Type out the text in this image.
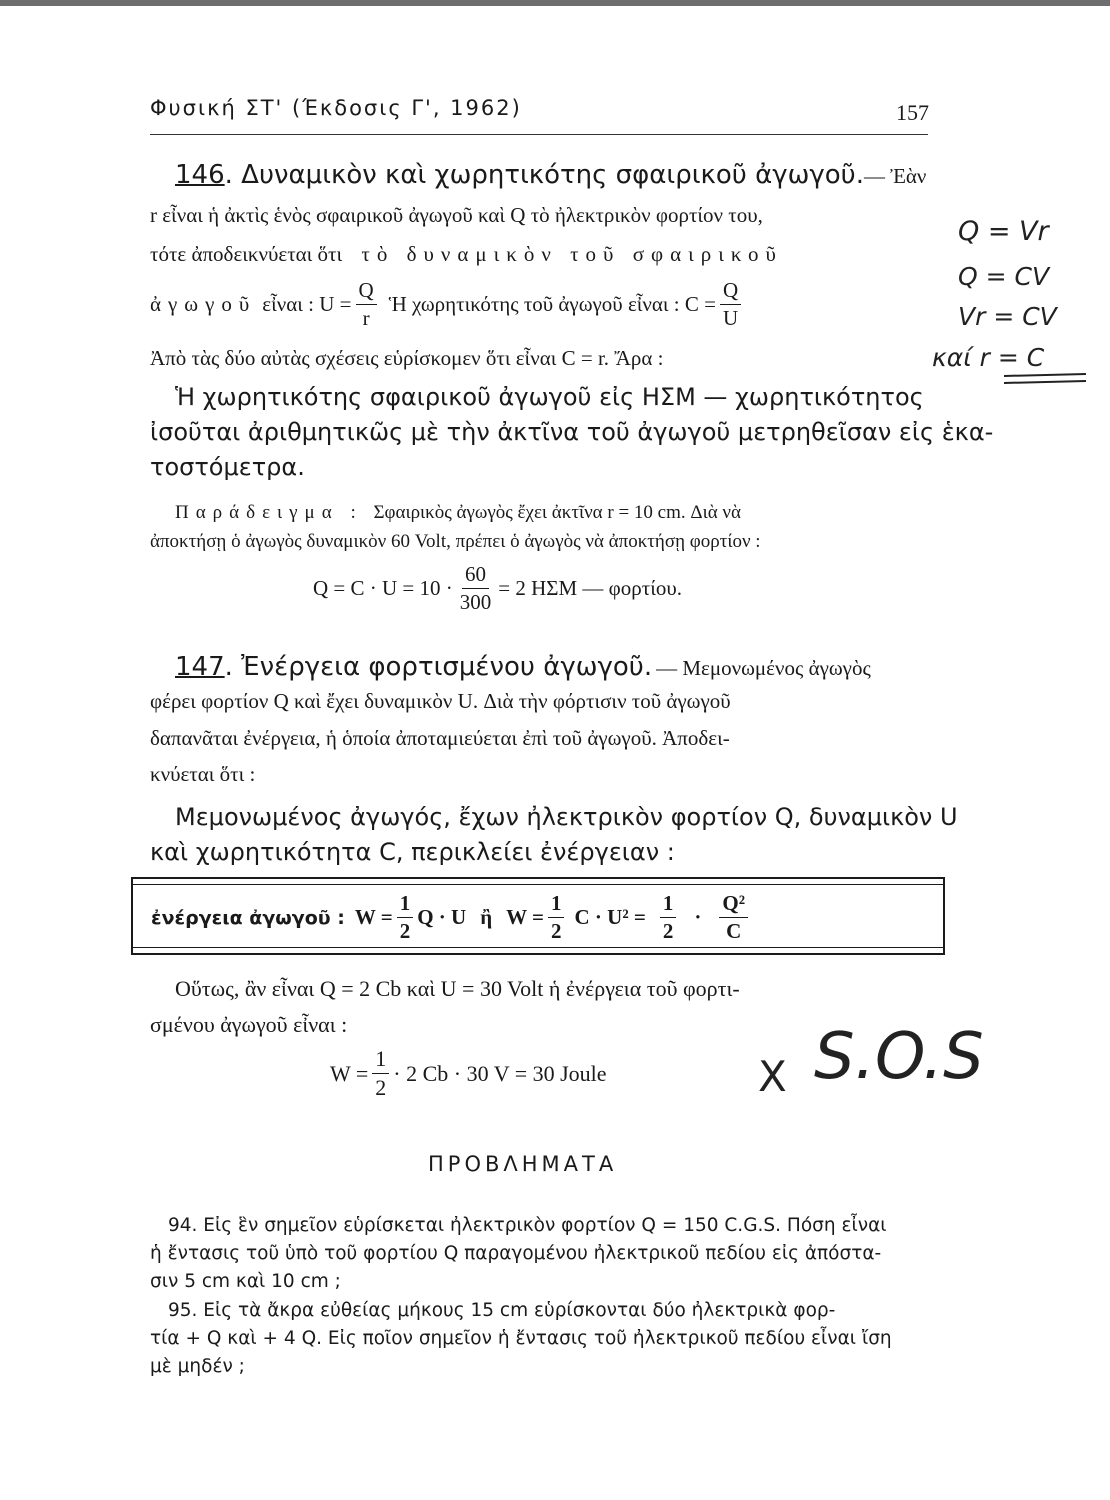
Φυσική ΣΤ' (Έκδοσις Γ', 1962)	157
146. Δυναμικὸν καὶ χωρητικότης σφαιρικοῦ ἀγωγοῦ.— Ἐὰν
r εἶναι ἡ ἀκτὶς ἑνὸς σφαιρικοῦ ἀγωγοῦ καὶ Q τὸ ἠλεκτρικὸν φορτίον του,
τότε ἀποδεικνύεται ὅτι τὸ δυναμικὸν τοῦ σφαιρικοῦ
ἀγωγοῦ εἶναι : $U = \frac{Q}{r}$ Ἡ χωρητικότης τοῦ ἀγωγοῦ εἶναι : $C = \frac{Q}{U}$
Ἀπὸ τὰς δύο αὐτὰς σχέσεις εὑρίσκομεν ὅτι εἶναι C = r. Ἄρα :
Ἡ χωρητικότης σφαιρικοῦ ἀγωγοῦ εἰς ΗΣΜ — χωρητικότητος
ἰσοῦται ἀριθμητικῶς μὲ τὴν ἀκτῖνα τοῦ ἀγωγοῦ μετρηθεῖσαν εἰς ἑκα-
τοστόμετρα.
Παράδειγμα : Σφαιρικὸς ἀγωγὸς ἔχει ἀκτῖνα r = 10 cm. Διὰ νὰ
ἀποκτήσῃ ὁ ἀγωγὸς δυναμικὸν 60 Volt, πρέπει ὁ ἀγωγὸς νὰ ἀποκτήσῃ φορτίον :
$Q = C \cdot U = 10 \cdot \frac{60}{300} = 2$ ΗΣΜ — φορτίου.
147. Ἐνέργεια φορτισμένου ἀγωγοῦ. — Μεμονωμένος ἀγωγὸς
φέρει φορτίον Q καὶ ἔχει δυναμικὸν U. Διὰ τὴν φόρτισιν τοῦ ἀγωγοῦ
δαπανᾶται ἐνέργεια, ἡ ὁποία ἀποταμιεύεται ἐπὶ τοῦ ἀγωγοῦ. Ἀποδει-
κνύεται ὅτι :
Μεμονωμένος ἀγωγός, ἔχων ἠλεκτρικὸν φορτίον Q, δυναμικὸν U
καὶ χωρητικότητα C, περικλείει ἐνέργειαν :
ἐνέργεια ἀγωγοῦ : $W = \frac{1}{2}$ Q · U ἢ $W = \frac{1}{2}$ $C \cdot U^2 = \frac{1}{2} \cdot \frac{\text{Q²}}{C}$
Οὕτως, ἂν εἶναι Q = 2 Cb καὶ U = 30 Volt ἡ ἐνέργεια τοῦ φορτι-
σμένου ἀγωγοῦ εἶναι :
$W = \frac{1}{2} \cdot 2$ Cb · 30 V = 30 Joule
ΠΡΟΒΛΗΜΑΤΑ
94. Εἰς ἓν σημεῖον εὑρίσκεται ἠλεκτρικὸν φορτίον Q = 150 C.G.S. Πόση εἶναι
ἡ ἔντασις τοῦ ὑπὸ τοῦ φορτίου Q παραγομένου ἠλεκτρικοῦ πεδίου εἰς ἀπόστα-
σιν 5 cm καὶ 10 cm ;
95. Εἰς τὰ ἄκρα εὐθείας μήκους 15 cm εὑρίσκονται δύο ἠλεκτρικὰ φορ-
τία + Q καὶ + 4 Q. Εἰς ποῖον σημεῖον ἡ ἔντασις τοῦ ἠλεκτρικοῦ πεδίου εἶναι ἴση
μὲ μηδέν ;
Q = Vr
Q = CV
Vr = CV
καί r = C
X S.O.S
